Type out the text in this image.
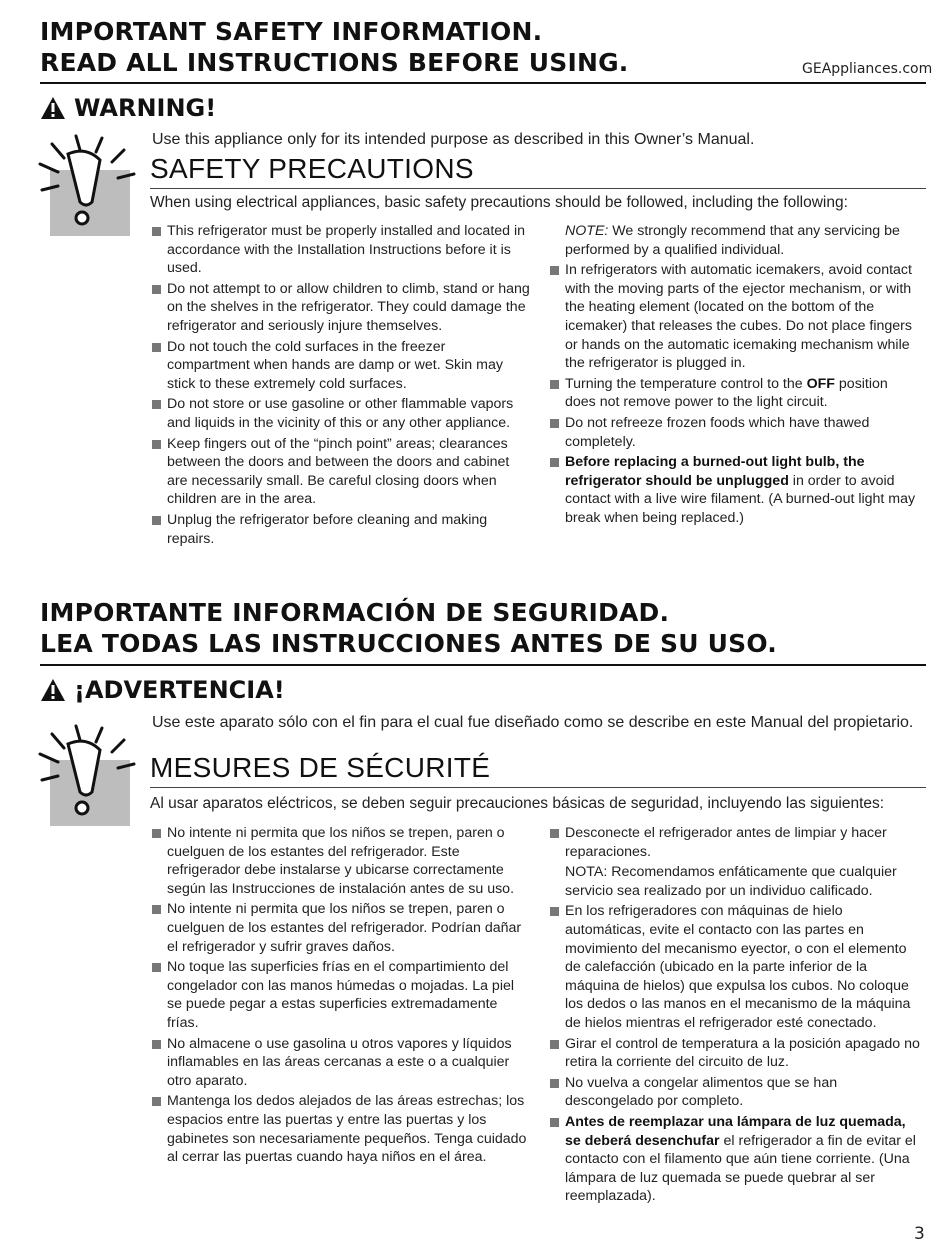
IMPORTANT SAFETY INFORMATION.
READ ALL INSTRUCTIONS BEFORE USING.	GEAppliances.com
WARNING!
Use this appliance only for its intended purpose as described in this Owner’s Manual.
SAFETY PRECAUTIONS
When using electrical appliances, basic safety precautions should be followed, including the following:
This refrigerator must be properly installed and located in accordance with the Installation Instructions before it is used.
Do not attempt to or allow children to climb, stand or hang on the shelves in the refrigerator. They could damage the refrigerator and seriously injure themselves.
Do not touch the cold surfaces in the freezer compartment when hands are damp or wet. Skin may stick to these extremely cold surfaces.
Do not store or use gasoline or other flammable vapors and liquids in the vicinity of this or any other appliance.
Keep fingers out of the “pinch point” areas; clearances between the doors and between the doors and cabinet are necessarily small. Be careful closing doors when children are in the area.
Unplug the refrigerator before cleaning and making repairs.
NOTE: We strongly recommend that any servicing be performed by a qualified individual.
In refrigerators with automatic icemakers, avoid contact with the moving parts of the ejector mechanism, or with the heating element (located on the bottom of the icemaker) that releases the cubes. Do not place fingers or hands on the automatic icemaking mechanism while the refrigerator is plugged in.
Turning the temperature control to the OFF position does not remove power to the light circuit.
Do not refreeze frozen foods which have thawed completely.
Before replacing a burned-out light bulb, the refrigerator should be unplugged in order to avoid contact with a live wire filament. (A burned-out light may break when being replaced.)
IMPORTANTE INFORMACIÓN DE SEGURIDAD.
LEA TODAS LAS INSTRUCCIONES ANTES DE SU USO.
¡ADVERTENCIA!
Use este aparato sólo con el fin para el cual fue diseñado como se describe en este Manual del propietario.
MESURES DE SÉCURITÉ
Al usar aparatos eléctricos, se deben seguir precauciones básicas de seguridad, incluyendo las siguientes:
No intente ni permita que los niños se trepen, paren o cuelguen de los estantes del refrigerador. Este refrigerador debe instalarse y ubicarse correctamente según las Instrucciones de instalación antes de su uso.
No intente ni permita que los niños se trepen, paren o cuelguen de los estantes del refrigerador. Podrían dañar el refrigerador y sufrir graves daños.
No toque las superficies frías en el compartimiento del congelador con las manos húmedas o mojadas. La piel se puede pegar a estas superficies extremadamente frías.
No almacene o use gasolina u otros vapores y líquidos inflamables en las áreas cercanas a este o a cualquier otro aparato.
Mantenga los dedos alejados de las áreas estrechas; los espacios entre las puertas y entre las puertas y los gabinetes son necesariamente pequeños. Tenga cuidado al cerrar las puertas cuando haya niños en el área.
Desconecte el refrigerador antes de limpiar y hacer reparaciones.
NOTA: Recomendamos enfáticamente que cualquier servicio sea realizado por un individuo calificado.
En los refrigeradores con máquinas de hielo automáticas, evite el contacto con las partes en movimiento del mecanismo eyector, o con el elemento de calefacción (ubicado en la parte inferior de la máquina de hielos) que expulsa los cubos. No coloque los dedos o las manos en el mecanismo de la máquina de hielos mientras el refrigerador esté conectado.
Girar el control de temperatura a la posición apagado no retira la corriente del circuito de luz.
No vuelva a congelar alimentos que se han descongelado por completo.
Antes de reemplazar una lámpara de luz quemada, se deberá desenchufar el refrigerador a fin de evitar el contacto con el filamento que aún tiene corriente. (Una lámpara de luz quemada se puede quebrar al ser reemplazada).
3
